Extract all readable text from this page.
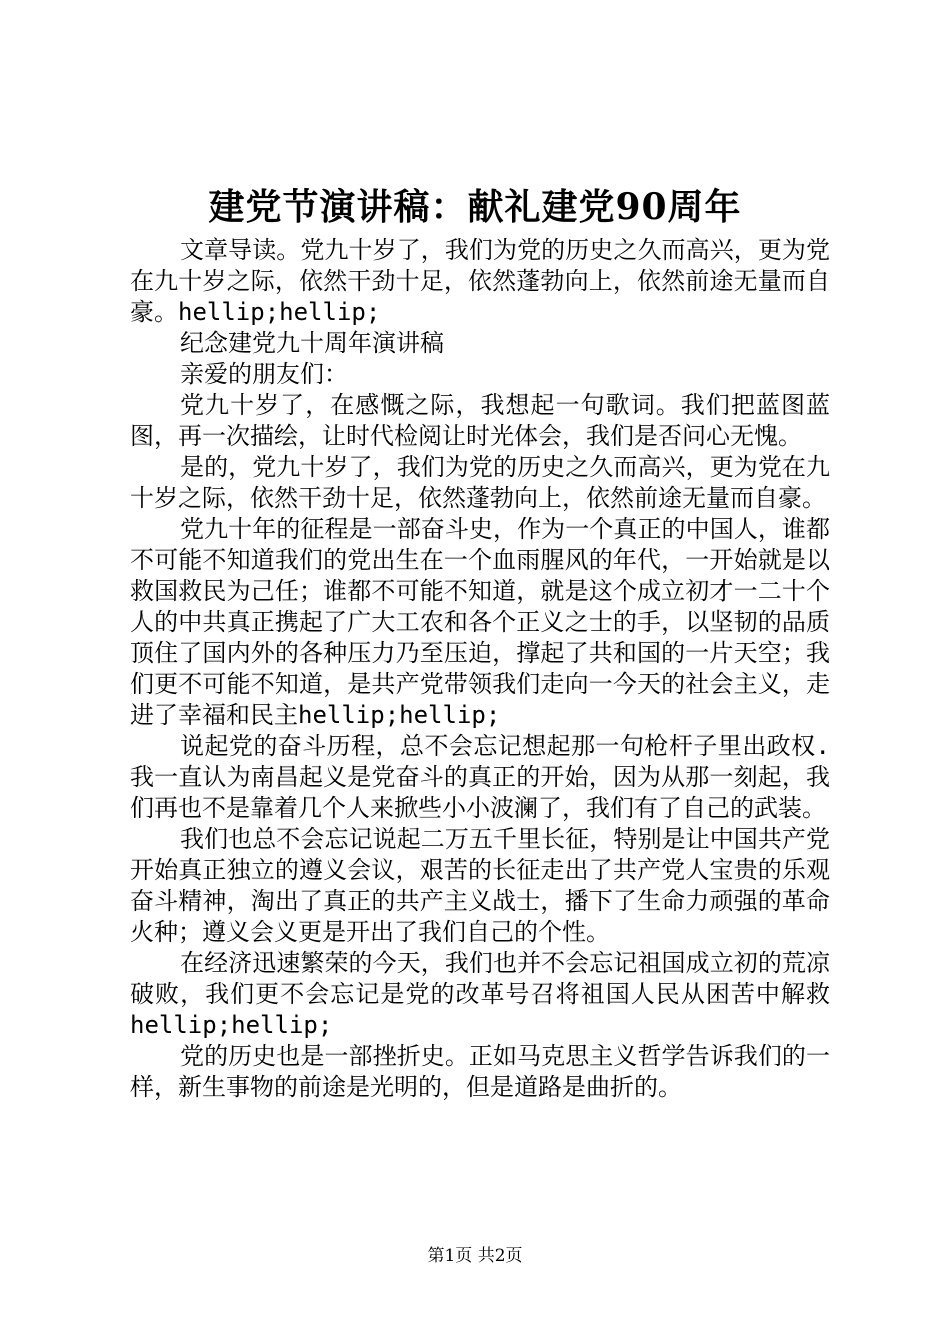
建党节演讲稿：献礼建党90周年

文章导读。党九十岁了，我们为党的历史之久而高兴，更为党在九十岁之际，依然干劲十足，依然蓬勃向上，依然前途无量而自豪。hellip;hellip;

纪念建党九十周年演讲稿

亲爱的朋友们：

党九十岁了，在感慨之际，我想起一句歌词。我们把蓝图蓝图，再一次描绘，让时代检阅让时光体会，我们是否问心无愧。

是的，党九十岁了，我们为党的历史之久而高兴，更为党在九十岁之际，依然干劲十足，依然蓬勃向上，依然前途无量而自豪。

党九十年的征程是一部奋斗史，作为一个真正的中国人，谁都不可能不知道我们的党出生在一个血雨腥风的年代，一开始就是以救国救民为己任；谁都不可能不知道，就是这个成立初才一二十个人的中共真正携起了广大工农和各个正义之士的手，以坚韧的品质顶住了国内外的各种压力乃至压迫，撑起了共和国的一片天空；我们更不可能不知道，是共产党带领我们走向一今天的社会主义，走进了幸福和民主hellip;hellip;

说起党的奋斗历程，总不会忘记想起那一句枪杆子里出政权.我一直认为南昌起义是党奋斗的真正的开始，因为从那一刻起，我们再也不是靠着几个人来掀些小小波澜了，我们有了自己的武装。

我们也总不会忘记说起二万五千里长征，特别是让中国共产党开始真正独立的遵义会议，艰苦的长征走出了共产党人宝贵的乐观奋斗精神，淘出了真正的共产主义战士，播下了生命力顽强的革命火种；遵义会义更是开出了我们自己的个性。

在经济迅速繁荣的今天，我们也并不会忘记祖国成立初的荒凉破败，我们更不会忘记是党的改革号召将祖国人民从困苦中解救hellip;hellip;

党的历史也是一部挫折史。正如马克思主义哲学告诉我们的一样，新生事物的前途是光明的，但是道路是曲折的。

第1页 共2页
